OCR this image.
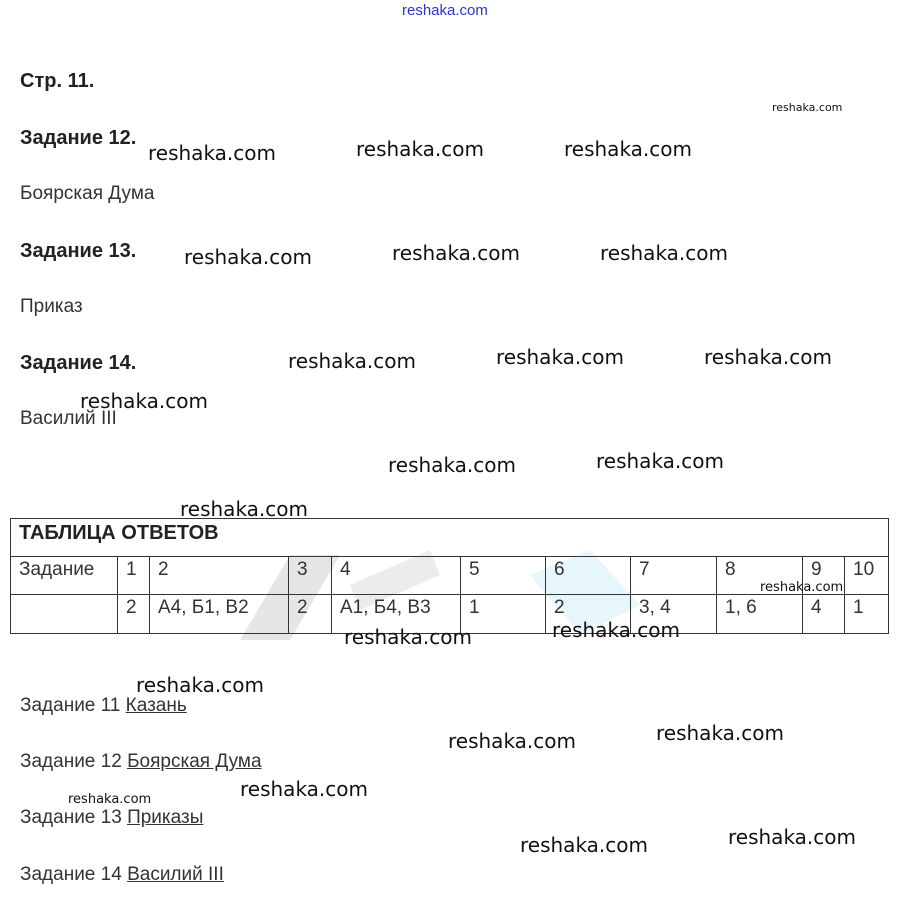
reshaka.com
Стр. 11.
Задание 12.
Боярская Дума
Задание 13.
Приказ
Задание 14.
Василий III
ТАБЛИЦА ОТВЕТОВ										
Задание	1	2	3	4	5	6	7	8	9	10
	2	А4, Б1, В2	2	А1, Б4, В3	1	2	3, 4	1, 6	4	1
Задание 11 Казань
Задание 12 Боярская Дума
Задание 13 Приказы
Задание 14 Василий III
reshaka.com
reshaka.com	reshaka.com	reshaka.com
reshaka.com	reshaka.com	reshaka.com
reshaka.com	reshaka.com	reshaka.com
reshaka.com
reshaka.com	reshaka.com
reshaka.com
reshaka.com
reshaka.com
reshaka.com
reshaka.com
reshaka.com
reshaka.com
reshaka.com
reshaka.com
reshaka.com
reshaka.com
